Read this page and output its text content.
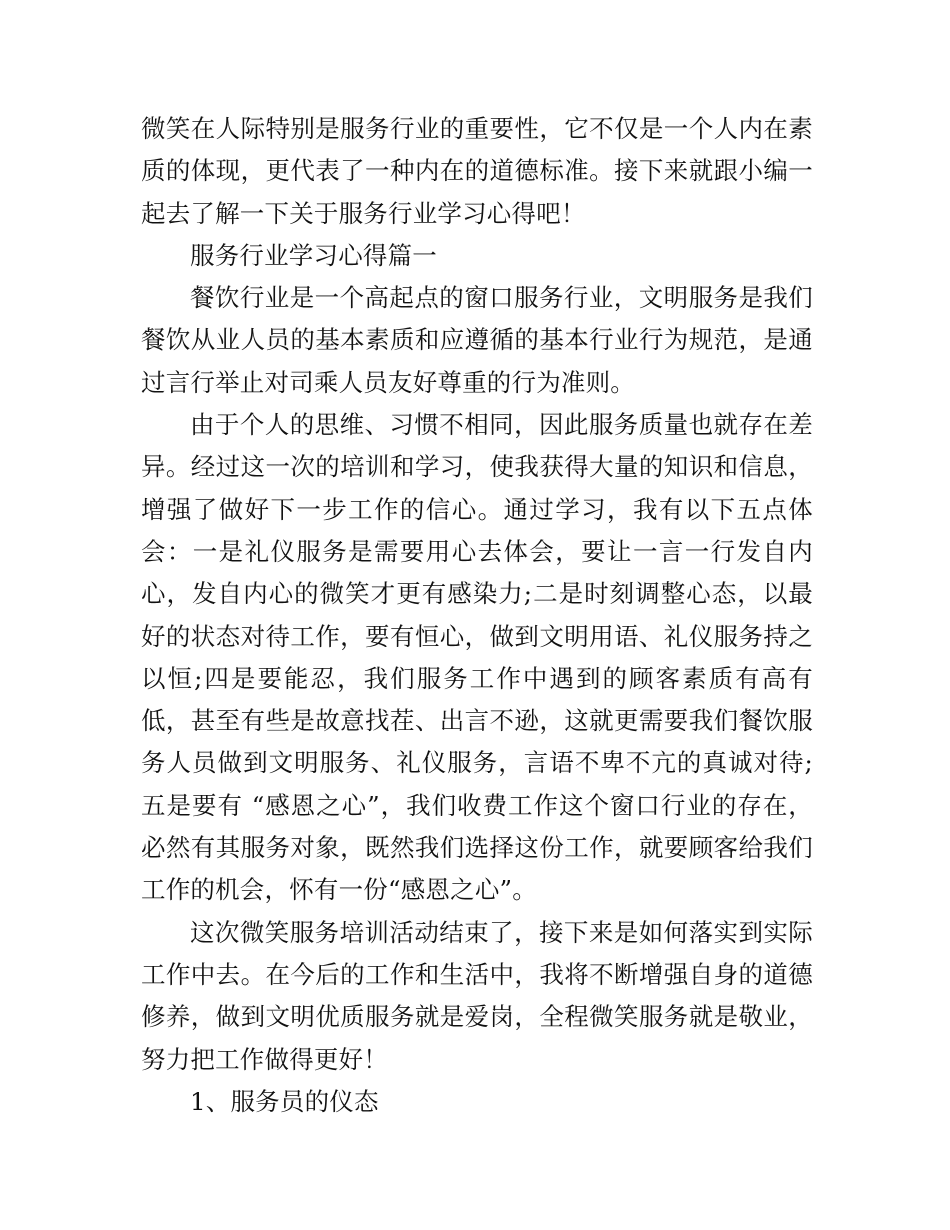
微笑在人际特别是服务行业的重要性，它不仅是一个人内在素质的体现，更代表了一种内在的道德标准。接下来就跟小编一起去了解一下关于服务行业学习心得吧！

服务行业学习心得篇一

餐饮行业是一个高起点的窗口服务行业，文明服务是我们餐饮从业人员的基本素质和应遵循的基本行业行为规范，是通过言行举止对司乘人员友好尊重的行为准则。

由于个人的思维、习惯不相同，因此服务质量也就存在差异。经过这一次的培训和学习，使我获得大量的知识和信息，增强了做好下一步工作的信心。通过学习，我有以下五点体会：一是礼仪服务是需要用心去体会，要让一言一行发自内心，发自内心的微笑才更有感染力;二是时刻调整心态，以最好的状态对待工作，要有恒心，做到文明用语、礼仪服务持之以恒;四是要能忍，我们服务工作中遇到的顾客素质有高有低，甚至有些是故意找茬、出言不逊，这就更需要我们餐饮服务人员做到文明服务、礼仪服务，言语不卑不亢的真诚对待;五是要有 “感恩之心”，我们收费工作这个窗口行业的存在，必然有其服务对象，既然我们选择这份工作，就要顾客给我们工作的机会，怀有一份“感恩之心”。

这次微笑服务培训活动结束了，接下来是如何落实到实际工作中去。在今后的工作和生活中，我将不断增强自身的道德修养，做到文明优质服务就是爱岗，全程微笑服务就是敬业，努力把工作做得更好！

1、服务员的仪态
